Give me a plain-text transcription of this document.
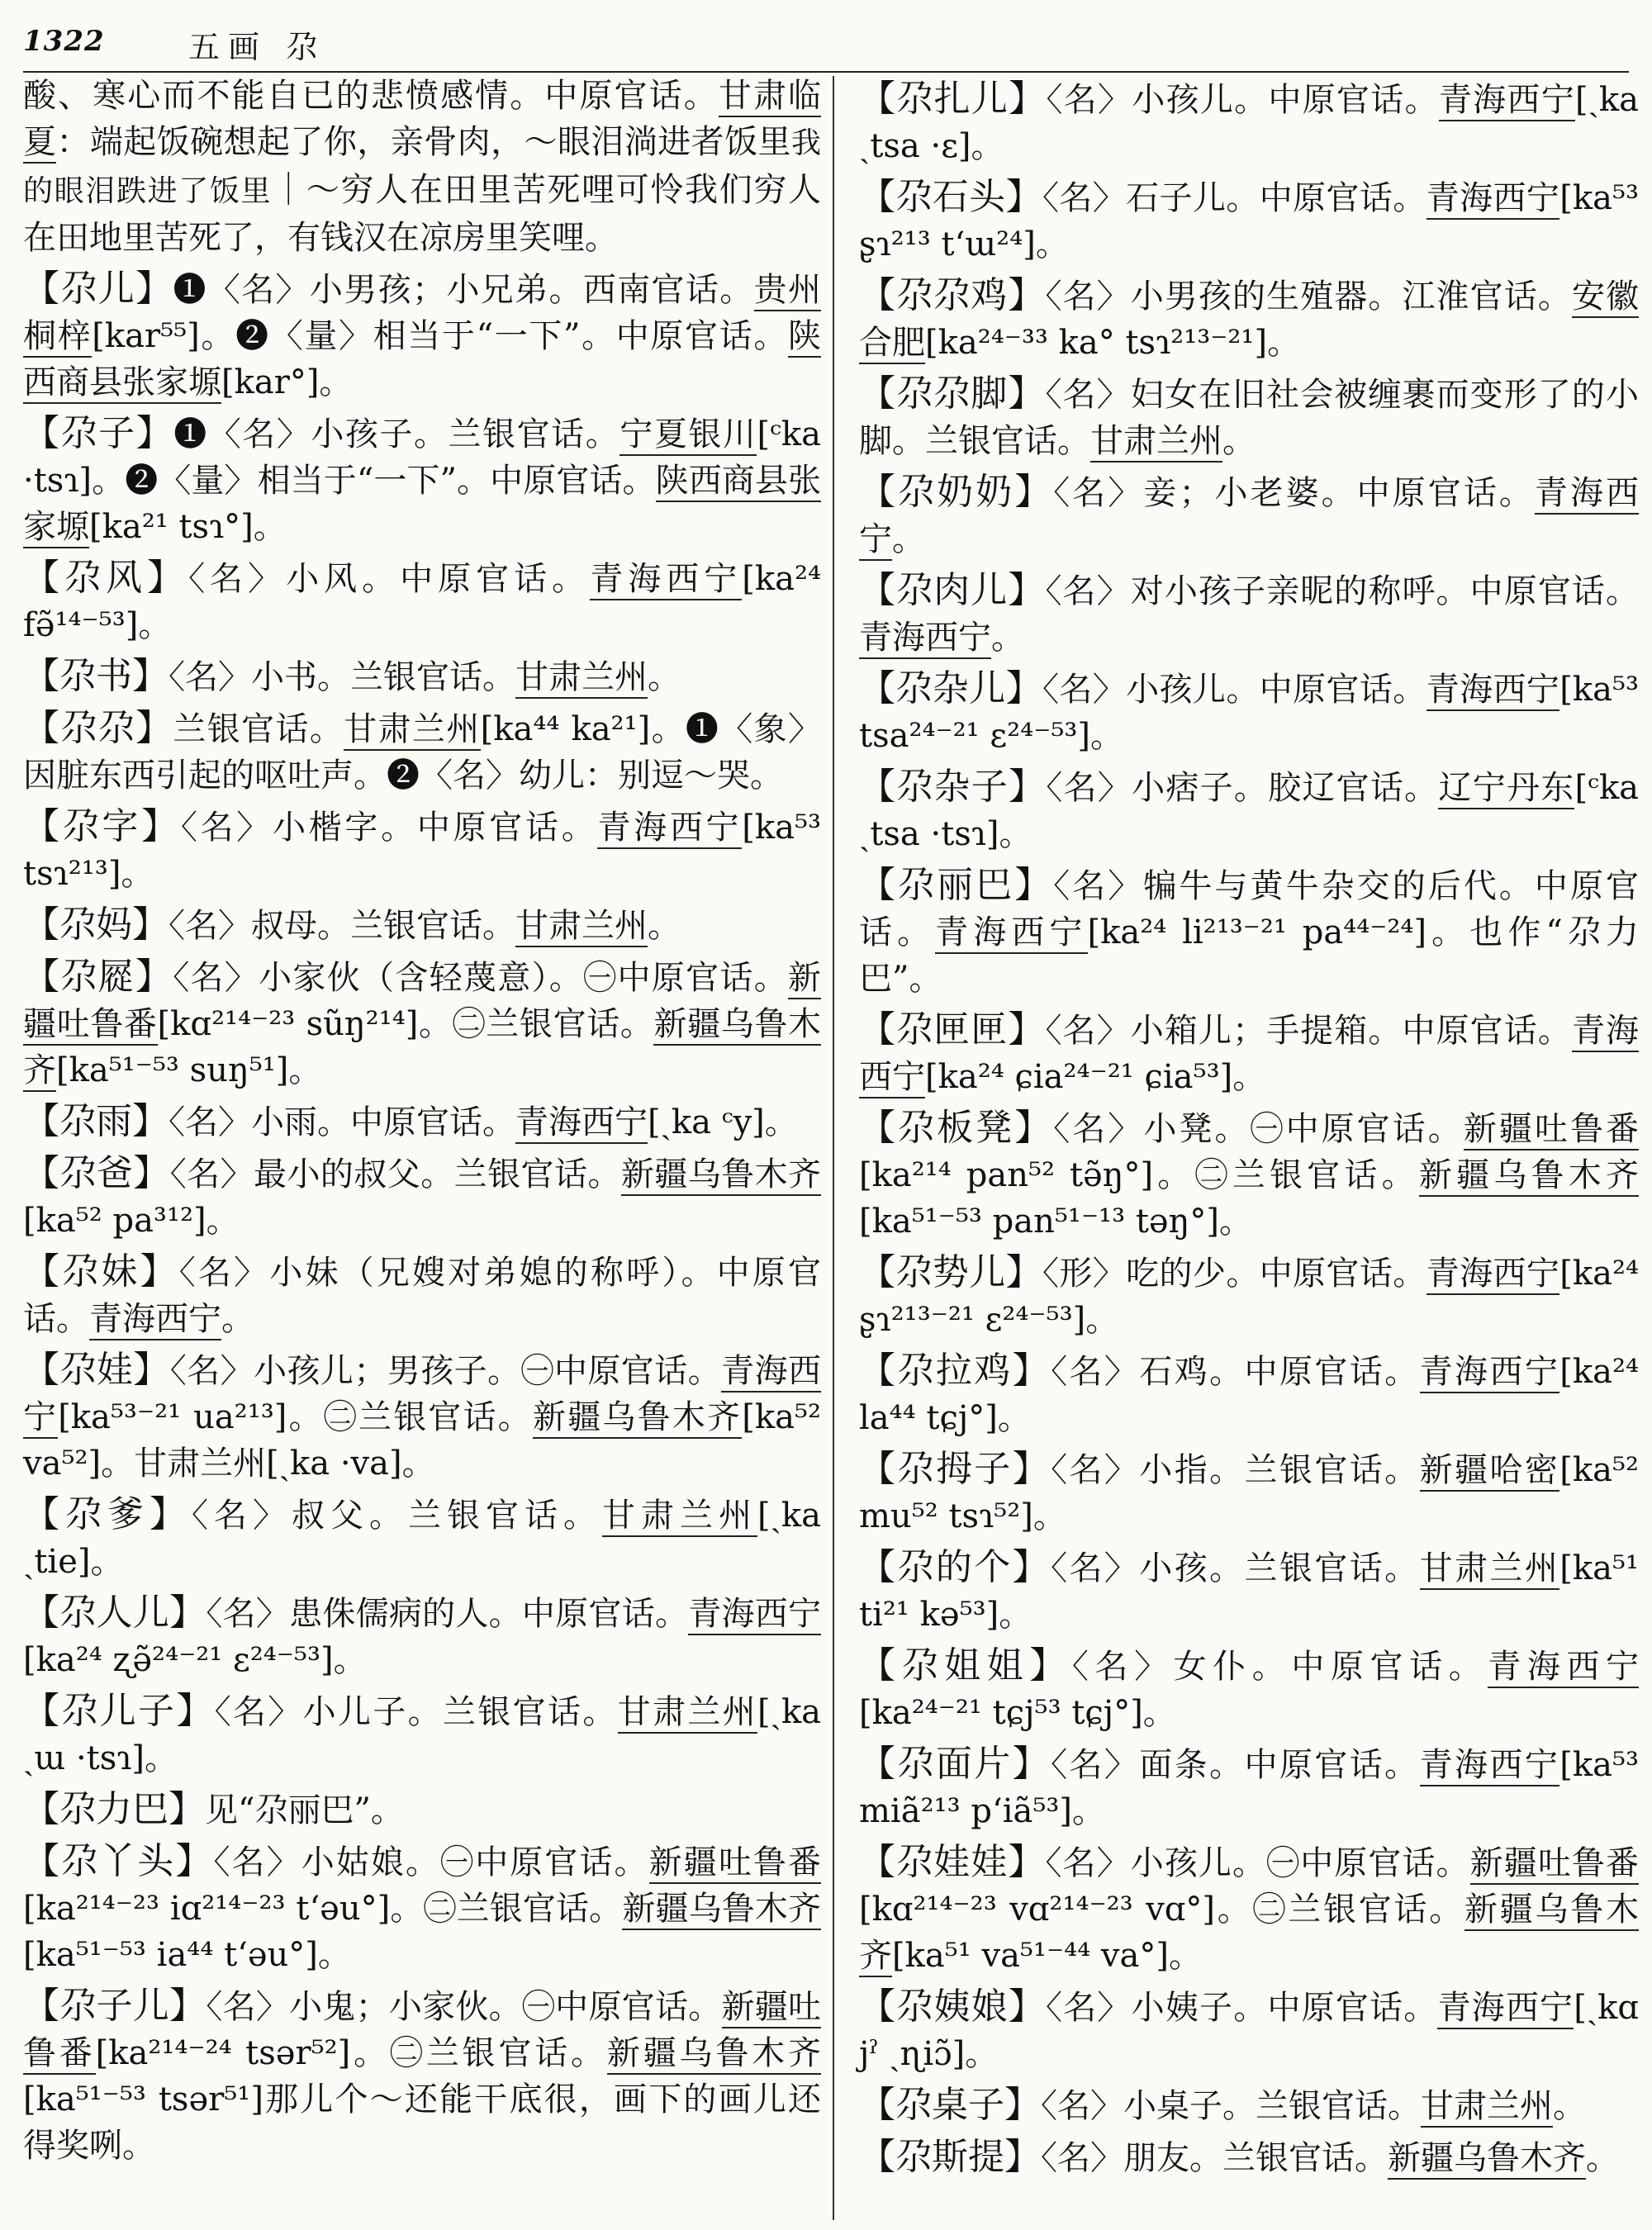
1322	五画 尕
酸、寒心而不能自已的悲愤感情。中原官话。甘肃临夏：端起饭碗想起了你，亲骨肉，～眼泪淌进者饭里我的眼泪跌进了饭里｜～穷人在田里苦死哩可怜我们穷人在田地里苦死了，有钱汉在凉房里笑哩。
【尕儿】❶〈名〉小男孩；小兄弟。西南官话。贵州桐梓[kar⁵⁵]。❷〈量〉相当于“一下”。中原官话。陕西商县张家塬[kar°]。
【尕子】❶〈名〉小孩子。兰银官话。宁夏银川[ᶜka ·tsɿ]。❷〈量〉相当于“一下”。中原官话。陕西商县张家塬[ka²¹ tsɿ°]。
【尕风】〈名〉小风。中原官话。青海西宁[ka²⁴ fə̃¹⁴⁻⁵³]。
【尕书】〈名〉小书。兰银官话。甘肃兰州。
【尕尕】兰银官话。甘肃兰州[ka⁴⁴ ka²¹]。❶〈象〉因脏东西引起的呕吐声。❷〈名〉幼儿：别逗～哭。
【尕字】〈名〉小楷字。中原官话。青海西宁[ka⁵³ tsɿ²¹³]。
【尕妈】〈名〉叔母。兰银官话。甘肃兰州。
【尕㞞】〈名〉小家伙（含轻蔑意）。㊀中原官话。新疆吐鲁番[kɑ²¹⁴⁻²³ sũŋ²¹⁴]。㊁兰银官话。新疆乌鲁木齐[ka⁵¹⁻⁵³ suŋ⁵¹]。
【尕雨】〈名〉小雨。中原官话。青海西宁[ˏka ᶜy]。
【尕爸】〈名〉最小的叔父。兰银官话。新疆乌鲁木齐[ka⁵² pa³¹²]。
【尕妹】〈名〉小妹（兄嫂对弟媳的称呼）。中原官话。青海西宁。
【尕娃】〈名〉小孩儿；男孩子。㊀中原官话。青海西宁[ka⁵³⁻²¹ ua²¹³]。㊁兰银官话。新疆乌鲁木齐[ka⁵² va⁵²]。甘肃兰州[ˏka ·va]。
【尕爹】〈名〉叔父。兰银官话。甘肃兰州[ˏka ˏtie]。
【尕人儿】〈名〉患侏儒病的人。中原官话。青海西宁[ka²⁴ ʐə̃²⁴⁻²¹ ɛ²⁴⁻⁵³]。
【尕儿子】〈名〉小儿子。兰银官话。甘肃兰州[ˏka ˏɯ ·tsɿ]。
【尕力巴】见“尕丽巴”。
【尕丫头】〈名〉小姑娘。㊀中原官话。新疆吐鲁番[ka²¹⁴⁻²³ iɑ²¹⁴⁻²³ t‘əu°]。㊁兰银官话。新疆乌鲁木齐[ka⁵¹⁻⁵³ ia⁴⁴ t‘əu°]。
【尕子儿】〈名〉小鬼；小家伙。㊀中原官话。新疆吐鲁番[ka²¹⁴⁻²⁴ tsər⁵²]。㊁兰银官话。新疆乌鲁木齐[ka⁵¹⁻⁵³ tsər⁵¹]那儿个～还能干底很，画下的画儿还得奖咧。
【尕扎儿】〈名〉小孩儿。中原官话。青海西宁[ˏka ˏtsa ·ɛ]。
【尕石头】〈名〉石子儿。中原官话。青海西宁[ka⁵³ ʂɿ²¹³ t‘ɯ²⁴]。
【尕尕鸡】〈名〉小男孩的生殖器。江淮官话。安徽合肥[ka²⁴⁻³³ ka° tsɿ²¹³⁻²¹]。
【尕尕脚】〈名〉妇女在旧社会被缠裹而变形了的小脚。兰银官话。甘肃兰州。
【尕奶奶】〈名〉妾；小老婆。中原官话。青海西宁。
【尕肉儿】〈名〉对小孩子亲昵的称呼。中原官话。青海西宁。
【尕杂儿】〈名〉小孩儿。中原官话。青海西宁[ka⁵³ tsa²⁴⁻²¹ ɛ²⁴⁻⁵³]。
【尕杂子】〈名〉小痞子。胶辽官话。辽宁丹东[ᶜka ˏtsa ·tsɿ]。
【尕丽巴】〈名〉犏牛与黄牛杂交的后代。中原官话。青海西宁[ka²⁴ li²¹³⁻²¹ pa⁴⁴⁻²⁴]。也作“尕力巴”。
【尕匣匣】〈名〉小箱儿；手提箱。中原官话。青海西宁[ka²⁴ ɕia²⁴⁻²¹ ɕia⁵³]。
【尕板凳】〈名〉小凳。㊀中原官话。新疆吐鲁番[ka²¹⁴ pan⁵² tə̃ŋ°]。㊁兰银官话。新疆乌鲁木齐[ka⁵¹⁻⁵³ pan⁵¹⁻¹³ təŋ°]。
【尕势儿】〈形〉吃的少。中原官话。青海西宁[ka²⁴ ʂɿ²¹³⁻²¹ ɛ²⁴⁻⁵³]。
【尕拉鸡】〈名〉石鸡。中原官话。青海西宁[ka²⁴ la⁴⁴ tɕj°]。
【尕拇子】〈名〉小指。兰银官话。新疆哈密[ka⁵² mu⁵² tsɿ⁵²]。
【尕的个】〈名〉小孩。兰银官话。甘肃兰州[ka⁵¹ ti²¹ kə⁵³]。
【尕姐姐】〈名〉女仆。中原官话。青海西宁[ka²⁴⁻²¹ tɕj⁵³ tɕj°]。
【尕面片】〈名〉面条。中原官话。青海西宁[ka⁵³ miã²¹³ p‘iã⁵³]。
【尕娃娃】〈名〉小孩儿。㊀中原官话。新疆吐鲁番[kɑ²¹⁴⁻²³ vɑ²¹⁴⁻²³ vɑ°]。㊁兰银官话。新疆乌鲁木齐[ka⁵¹ va⁵¹⁻⁴⁴ va°]。
【尕姨娘】〈名〉小姨子。中原官话。青海西宁[ˏkɑ jˀ ˏɳiɔ̃]。
【尕桌子】〈名〉小桌子。兰银官话。甘肃兰州。
【尕斯提】〈名〉朋友。兰银官话。新疆乌鲁木齐。
